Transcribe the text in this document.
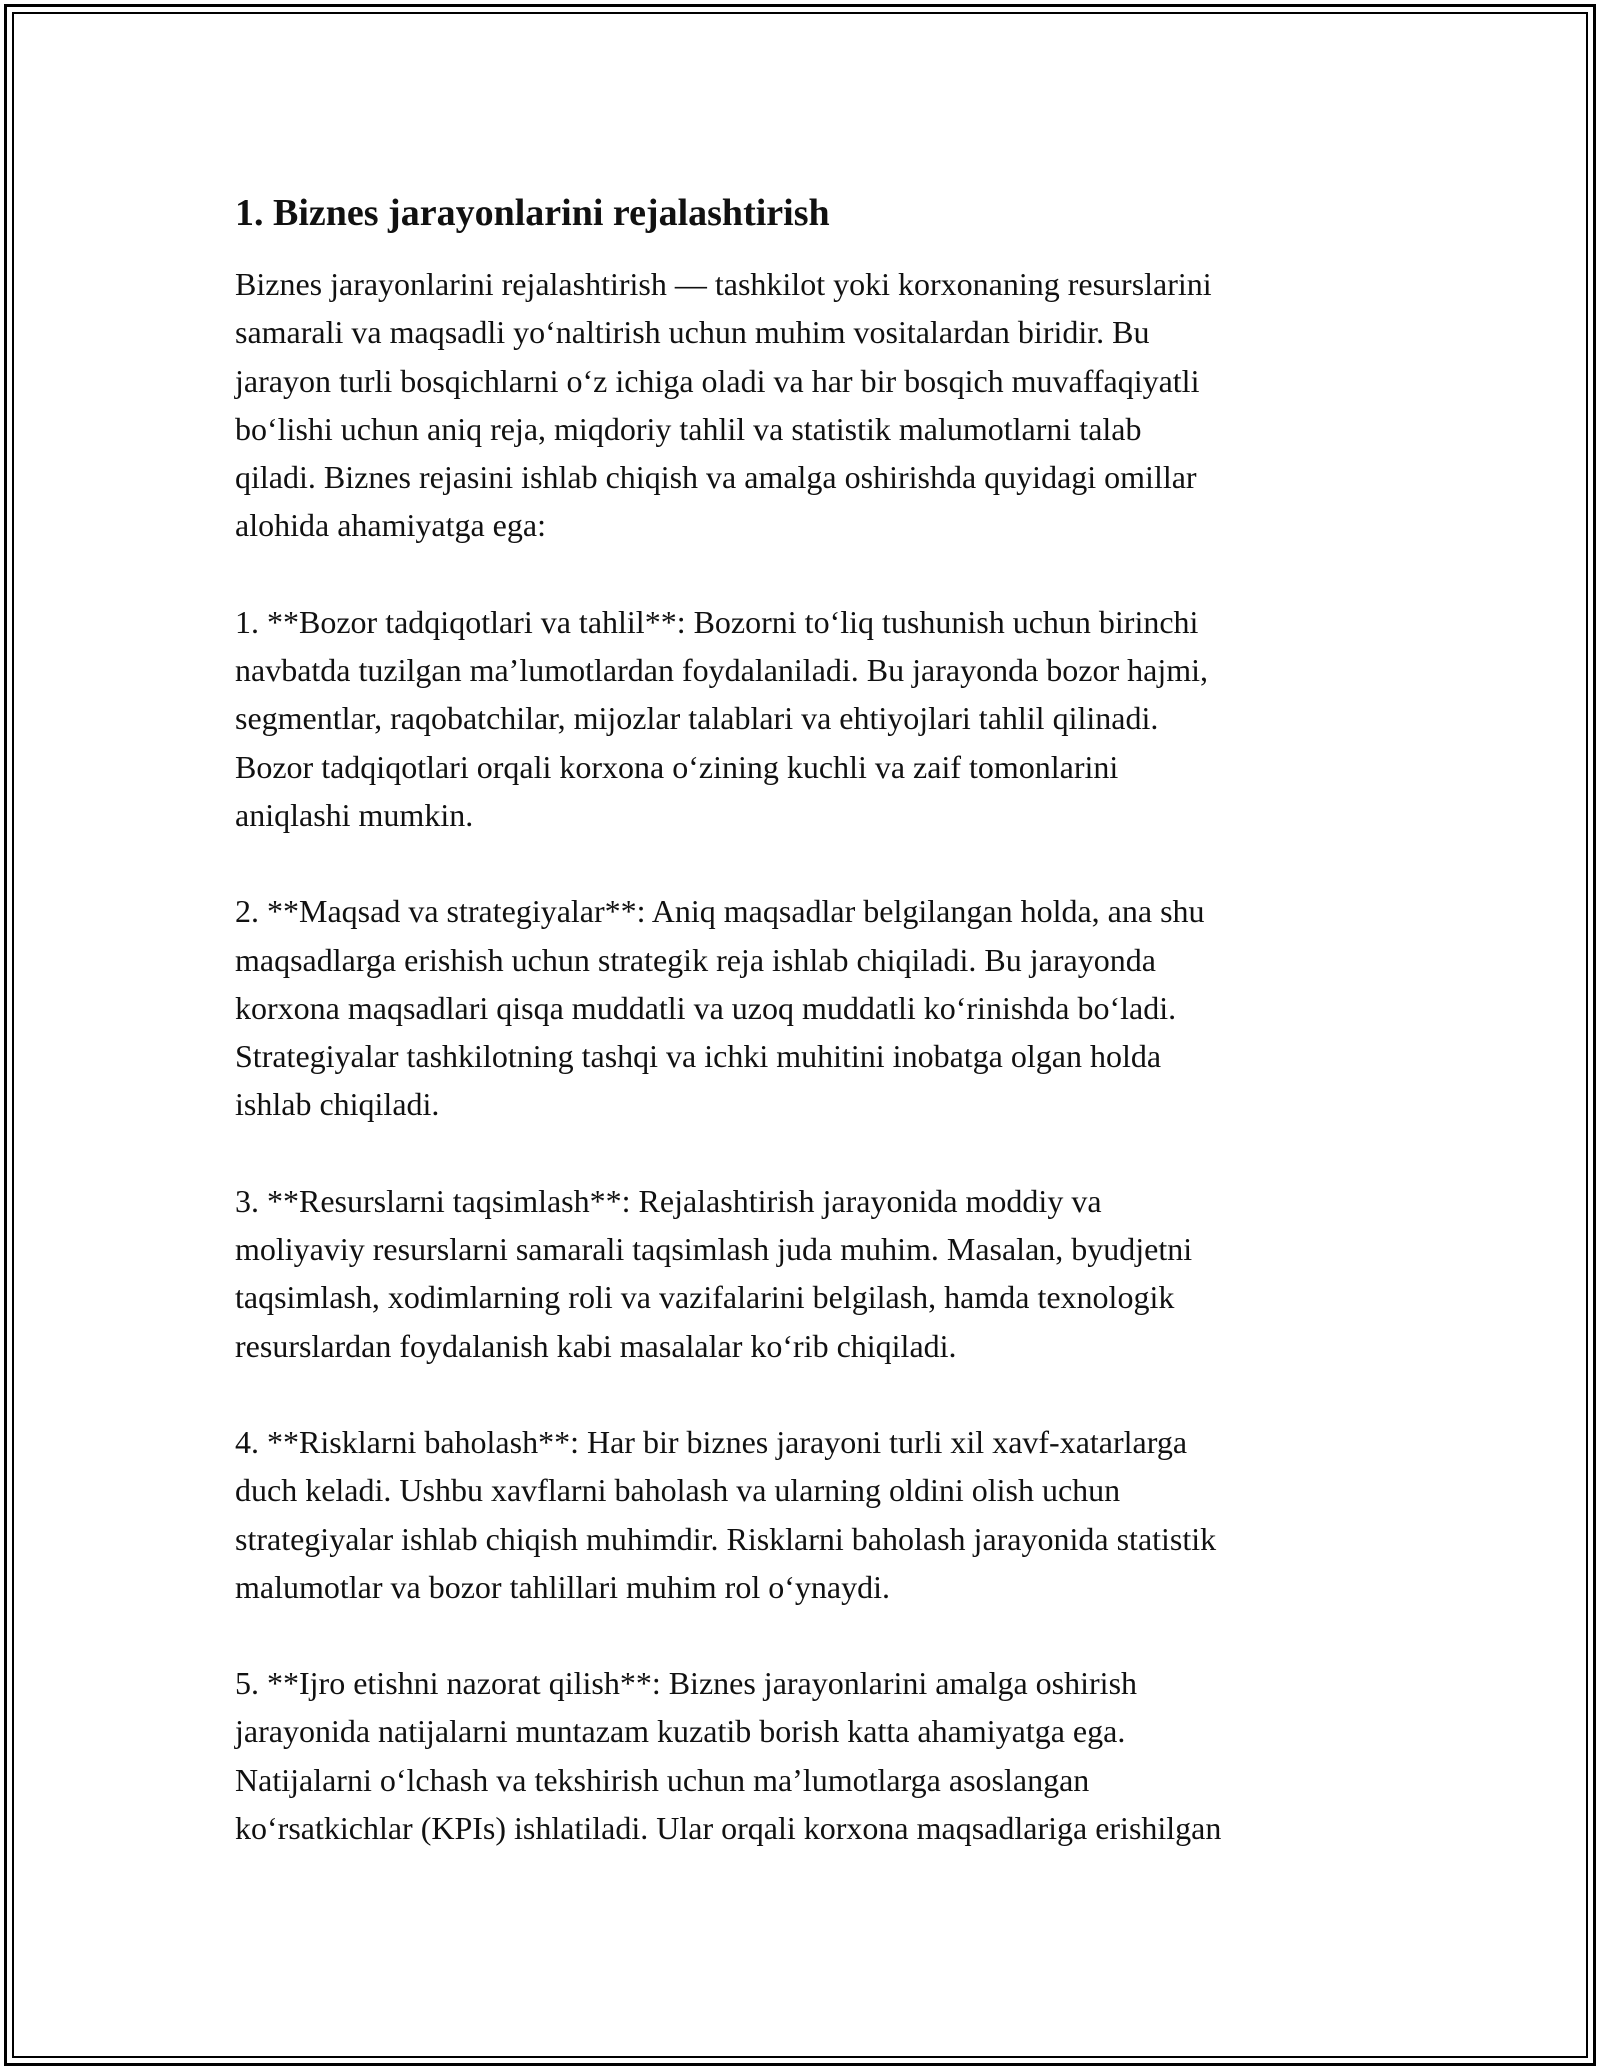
1. Biznes jarayonlarini rejalashtirish

Biznes jarayonlarini rejalashtirish — tashkilot yoki korxonaning resurslarini
samarali va maqsadli yoʻnaltirish uchun muhim vositalardan biridir. Bu
jarayon turli bosqichlarni oʻz ichiga oladi va har bir bosqich muvaffaqiyatli
boʻlishi uchun aniq reja, miqdoriy tahlil va statistik malumotlarni talab
qiladi. Biznes rejasini ishlab chiqish va amalga oshirishda quyidagi omillar
alohida ahamiyatga ega:

1. **Bozor tadqiqotlari va tahlil**: Bozorni toʻliq tushunish uchun birinchi
navbatda tuzilgan maʼlumotlardan foydalaniladi. Bu jarayonda bozor hajmi,
segmentlar, raqobatchilar, mijozlar talablari va ehtiyojlari tahlil qilinadi.
Bozor tadqiqotlari orqali korxona oʻzining kuchli va zaif tomonlarini
aniqlashi mumkin.

2. **Maqsad va strategiyalar**: Aniq maqsadlar belgilangan holda, ana shu
maqsadlarga erishish uchun strategik reja ishlab chiqiladi. Bu jarayonda
korxona maqsadlari qisqa muddatli va uzoq muddatli koʻrinishda boʻladi.
Strategiyalar tashkilotning tashqi va ichki muhitini inobatga olgan holda
ishlab chiqiladi.

3. **Resurslarni taqsimlash**: Rejalashtirish jarayonida moddiy va
moliyaviy resurslarni samarali taqsimlash juda muhim. Masalan, byudjetni
taqsimlash, xodimlarning roli va vazifalarini belgilash, hamda texnologik
resurslardan foydalanish kabi masalalar koʻrib chiqiladi.

4. **Risklarni baholash**: Har bir biznes jarayoni turli xil xavf-xatarlarga
duch keladi. Ushbu xavflarni baholash va ularning oldini olish uchun
strategiyalar ishlab chiqish muhimdir. Risklarni baholash jarayonida statistik
malumotlar va bozor tahlillari muhim rol oʻynaydi.

5. **Ijro etishni nazorat qilish**: Biznes jarayonlarini amalga oshirish
jarayonida natijalarni muntazam kuzatib borish katta ahamiyatga ega.
Natijalarni oʻlchash va tekshirish uchun maʼlumotlarga asoslangan
koʻrsatkichlar (KPIs) ishlatiladi. Ular orqali korxona maqsadlariga erishilgan
